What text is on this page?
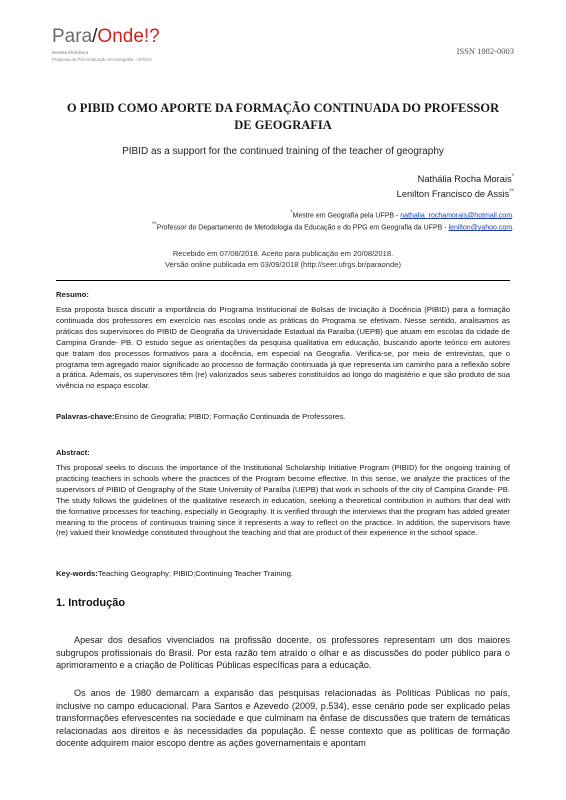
Para/Onde!?
Revista Eletrônica
Programa de Pós-Graduação em Geografia - UFRGS
ISSN 1982-0003
O PIBID COMO APORTE DA FORMAÇÃO CONTINUADA DO PROFESSOR DE GEOGRAFIA
PIBID as a support for the continued training of the teacher of geography
Nathália Rocha Morais*
Lenilton Francisco de Assis**
*Mestre em Geografia pela UFPB - nathalia_rochamorais@hotmail.com.
**Professor do Departamento de Metodologia da Educação e do PPG em Geografia da UFPB - lenilton@yahoo.com.
Recebido em 07/08/2018. Aceito para publicação em 20/08/2018.
Versão online publicada em 03/09/2018 (http://seer.ufrgs.br/paraonde)
Resumo:
Esta proposta busca discutir a importância do Programa Institucional de Bolsas de Iniciação à Docência (PIBID) para a formação continuada dos professores em exercício nas escolas onde as práticas do Programa se efetivam. Nesse sentido, analisamos as práticas dos supervisores do PIBID de Geografia da Universidade Estadual da Paraíba (UEPB) que atuam em escolas da cidade de Campina Grande- PB. O estudo segue as orientações da pesquisa qualitativa em educação, buscando aporte teórico em autores que tratam dos processos formativos para a docência, em especial na Geografia. Verifica-se, por meio de entrevistas, que o programa tem agregado maior significado ao processo de formação continuada já que representa um caminho para a reflexão sobre a prática. Ademais, os supervisores têm (re) valorizados seus saberes constituídos ao longo do magistério e que são produto de sua vivência no espaço escolar.
Palavras-chave:Ensino de Geografia; PIBID; Formação Continuada de Professores.
Abstract:
This proposal seeks to discuss the importance of the Institutional Scholarship Initiative Program (PIBID) for the ongoing training of practicing teachers in schools where the practices of the Program become effective. In this sense, we analyze the practices of the supervisors of PIBID of Geography of the State University of Paraíba (UEPB) that work in schools of the city of Campina Grande- PB. The study follows the guidelines of the qualitative research in education, seeking a theoretical contribution in authors that deal with the formative processes for teaching, especially in Geography. It is verified through the interviews that the program has added greater meaning to the process of continuous training since it represents a way to reflect on the practice. In addition, the supervisors have (re) valued their knowledge constituted throughout the teaching and that are product of their experience in the school space.
Key-words:Teaching Geography; PIBID;Continuing Teacher Training.
1. Introdução
Apesar dos desafios vivenciados na profissão docente, os professores representam um dos maiores subgrupos profissionais do Brasil. Por esta razão tem atraído o olhar e as discussões do poder público para o aprimoramento e a criação de Políticas Públicas específicas para a educação.
Os anos de 1980 demarcam a expansão das pesquisas relacionadas às Políticas Públicas no país, inclusive no campo educacional. Para Santos e Azevedo (2009, p.534), esse cenário pode ser explicado pelas transformações efervescentes na sociedade e que culminam na ênfase de discussões que tratem de temáticas relacionadas aos direitos e às necessidades da população. É nesse contexto que as políticas de formação docente adquirem maior escopo dentre as ações governamentais e apontam
